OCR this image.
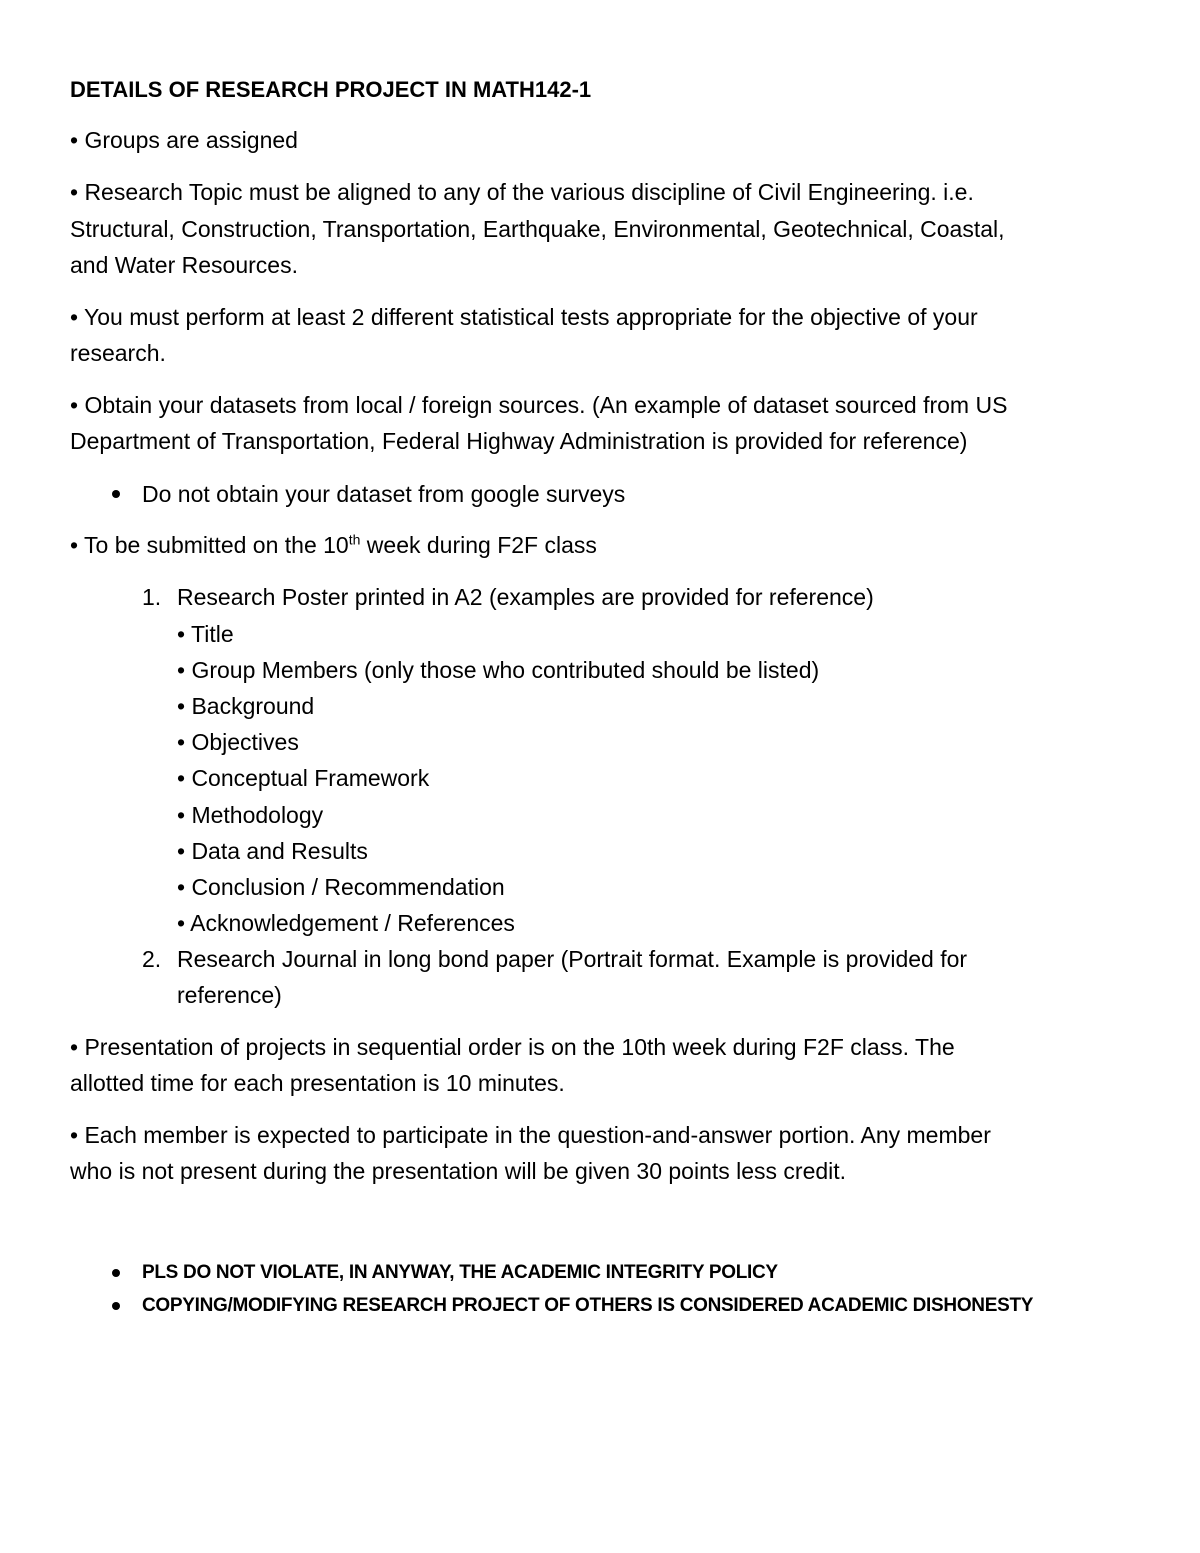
DETAILS OF RESEARCH PROJECT IN MATH142-1
• Groups are assigned
• Research Topic must be aligned to any of the various discipline of Civil Engineering. i.e.
Structural, Construction, Transportation, Earthquake, Environmental, Geotechnical, Coastal,
and Water Resources.
• You must perform at least 2 different statistical tests appropriate for the objective of your
research.
• Obtain your datasets from local / foreign sources. (An example of dataset sourced from US
Department of Transportation, Federal Highway Administration is provided for reference)
Do not obtain your dataset from google surveys
• To be submitted on the 10th week during F2F class
1. Research Poster printed in A2 (examples are provided for reference)
• Title
• Group Members (only those who contributed should be listed)
• Background
• Objectives
• Conceptual Framework
• Methodology
• Data and Results
• Conclusion / Recommendation
• Acknowledgement / References
2. Research Journal in long bond paper (Portrait format. Example is provided for
reference)
• Presentation of projects in sequential order is on the 10th week during F2F class. The
allotted time for each presentation is 10 minutes.
• Each member is expected to participate in the question-and-answer portion. Any member
who is not present during the presentation will be given 30 points less credit.
PLS DO NOT VIOLATE, IN ANYWAY, THE ACADEMIC INTEGRITY POLICY
COPYING/MODIFYING RESEARCH PROJECT OF OTHERS IS CONSIDERED ACADEMIC DISHONESTY
